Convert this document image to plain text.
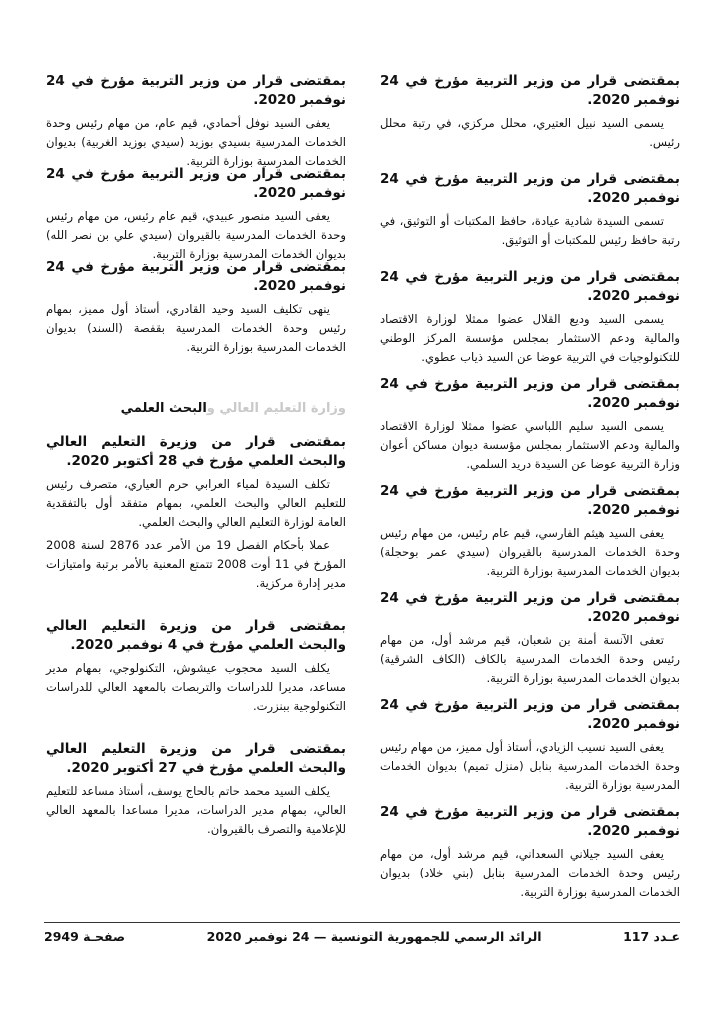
بمقتضى قرار من وزير التربية مؤرخ في 24 نوفمبر 2020.

يسمى السيد نبيل العتيري، محلل مركزي، في رتبة محلل رئيس.

بمقتضى قرار من وزير التربية مؤرخ في 24 نوفمبر 2020.

تسمى السيدة شادية عيادة، حافظ المكتبات أو التوثيق، في رتبة حافظ رئيس للمكتبات أو التوثيق.

بمقتضى قرار من وزير التربية مؤرخ في 24 نوفمبر 2020.

يسمى السيد وديع القلال عضوا ممثلا لوزارة الاقتصاد والمالية ودعم الاستثمار بمجلس مؤسسة المركز الوطني للتكنولوجيات في التربية عوضا عن السيد ذياب عطوي.

بمقتضى قرار من وزير التربية مؤرخ في 24 نوفمبر 2020.

يسمى السيد سليم اللباسي عضوا ممثلا لوزارة الاقتصاد والمالية ودعم الاستثمار بمجلس مؤسسة ديوان مساكن أعوان وزارة التربية عوضا عن السيدة دريد السلمي.

بمقتضى قرار من وزير التربية مؤرخ في 24 نوفمبر 2020.

يعفى السيد هيثم الفارسي، قيم عام رئيس، من مهام رئيس وحدة الخدمات المدرسية بالقيروان (سيدي عمر بوحجلة) بديوان الخدمات المدرسية بوزارة التربية.

بمقتضى قرار من وزير التربية مؤرخ في 24 نوفمبر 2020.

تعفى الآنسة أمنة بن شعبان، قيم مرشد أول، من مهام رئيس وحدة الخدمات المدرسية بالكاف (الكاف الشرقية) بديوان الخدمات المدرسية بوزارة التربية.

بمقتضى قرار من وزير التربية مؤرخ في 24 نوفمبر 2020.

يعفى السيد نسيب الزيادي، أستاذ أول مميز، من مهام رئيس وحدة الخدمات المدرسية بنابل (منزل تميم) بديوان الخدمات المدرسية بوزارة التربية.

بمقتضى قرار من وزير التربية مؤرخ في 24 نوفمبر 2020.

يعفى السيد جيلاني السعداني، قيم مرشد أول، من مهام رئيس وحدة الخدمات المدرسية بنابل (بني خلاد) بديوان الخدمات المدرسية بوزارة التربية.

بمقتضى قرار من وزير التربية مؤرخ في 24 نوفمبر 2020.

يعفى السيد نوفل أحمادي، قيم عام، من مهام رئيس وحدة الخدمات المدرسية بسيدي بوزيد (سيدي بوزيد الغربية) بديوان الخدمات المدرسية بوزارة التربية.

بمقتضى قرار من وزير التربية مؤرخ في 24 نوفمبر 2020.

يعفى السيد منصور عبيدي، قيم عام رئيس، من مهام رئيس وحدة الخدمات المدرسية بالقيروان (سيدي علي بن نصر الله) بديوان الخدمات المدرسية بوزارة التربية.

بمقتضى قرار من وزير التربية مؤرخ في 24 نوفمبر 2020.

ينهى تكليف السيد وحيد القادري، أستاذ أول مميز، بمهام رئيس وحدة الخدمات المدرسية بقفصة (السند) بديوان الخدمات المدرسية بوزارة التربية.

وزارة التعليم العالي والبحث العلمي

بمقتضى قرار من وزيرة التعليم العالي والبحث العلمي مؤرخ في 28 أكتوبر 2020.

تكلف السيدة لمياء العرابي حرم العياري، متصرف رئيس للتعليم العالي والبحث العلمي، بمهام متفقد أول بالتفقدية العامة لوزارة التعليم العالي والبحث العلمي.

عملا بأحكام الفصل 19 من الأمر عدد 2876 لسنة 2008 المؤرخ في 11 أوت 2008 تتمتع المعنية بالأمر برتبة وامتيازات مدير إدارة مركزية.

بمقتضى قرار من وزيرة التعليم العالي والبحث العلمي مؤرخ في 4 نوفمبر 2020.

يكلف السيد محجوب عيشوش، التكنولوجي، بمهام مدير مساعد، مديرا للدراسات والتربصات بالمعهد العالي للدراسات التكنولوجية ببنزرت.

بمقتضى قرار من وزيرة التعليم العالي والبحث العلمي مؤرخ في 27 أكتوبر 2020.

يكلف السيد محمد حاتم بالحاج يوسف، أستاذ مساعد للتعليم العالي، بمهام مدير الدراسات، مديرا مساعدا بالمعهد العالي للإعلامية والتصرف بالقيروان.

عـدد 117
الرائد الرسمي للجمهورية التونسية — 24 نوفمبر 2020
صفحـة 2949
